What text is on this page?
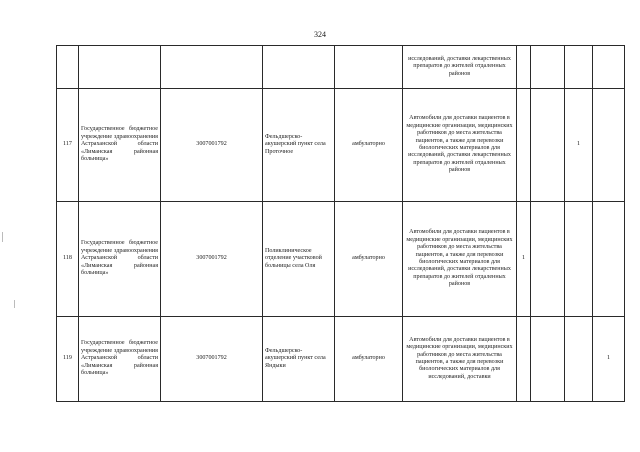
324
					исследований, доставки лекарственных препаратов до жителей отдаленных районов				
117	Государственное бюджетное учреждение здравоохранения Астраханской области «Лиманская районная больница»	3007001792	Фельдшерско-акушерский пункт села Проточное	амбулаторно	Автомобили для доставки пациентов в медицинские организации, медицинских работников до места жительства пациентов, а также для перевозки биологических материалов для исследований, доставки лекарственных препаратов до жителей отдаленных районов			1	
118	Государственное бюджетное учреждение здравоохранения Астраханской области «Лиманская районная больница»	3007001792	Поликлиническое отделение участковой больницы села Оля	амбулаторно	Автомобили для доставки пациентов в медицинские организации, медицинских работников до места жительства пациентов, а также для перевозки биологических материалов для исследований, доставки лекарственных препаратов до жителей отдаленных районов	1			
119	Государственное бюджетное учреждение здравоохранения Астраханской области «Лиманская районная больница»	3007001792	Фельдшерско-акушерский пункт села Яндыки	амбулаторно	Автомобили для доставки пациентов в медицинские организации, медицинских работников до места жительства пациентов, а также для перевозки биологических материалов для исследований, доставки				1
